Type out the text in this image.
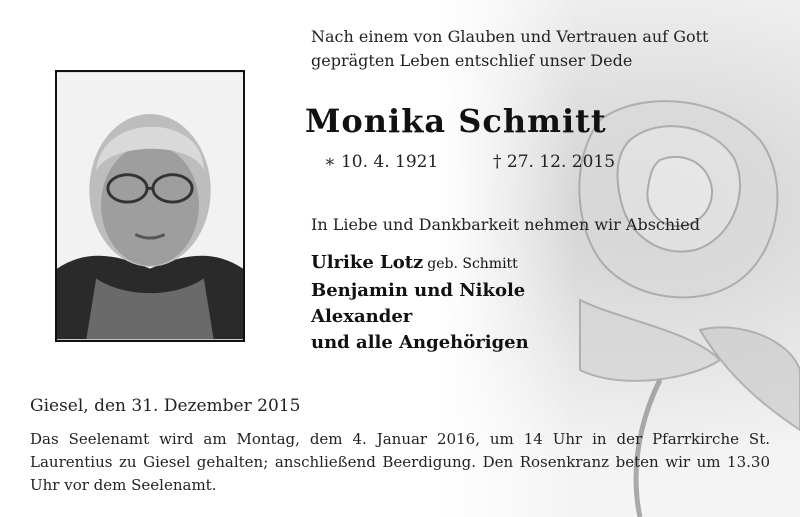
Nach einem von Glauben und Vertrauen auf Gott
geprägten Leben entschlief unser Dede
Monika Schmitt
∗ 10. 4. 1921	† 27. 12. 2015
In Liebe und Dankbarkeit nehmen wir Abschied
Ulrike Lotz geb. Schmitt
Benjamin und Nikole
Alexander
und alle Angehörigen
Giesel, den 31. Dezember 2015
Das Seelenamt wird am Montag, dem 4. Januar 2016, um 14 Uhr in der Pfarrkirche St. Laurentius zu Giesel gehalten; anschließend Beerdigung. Den Rosenkranz beten wir um 13.30 Uhr vor dem Seelenamt.
